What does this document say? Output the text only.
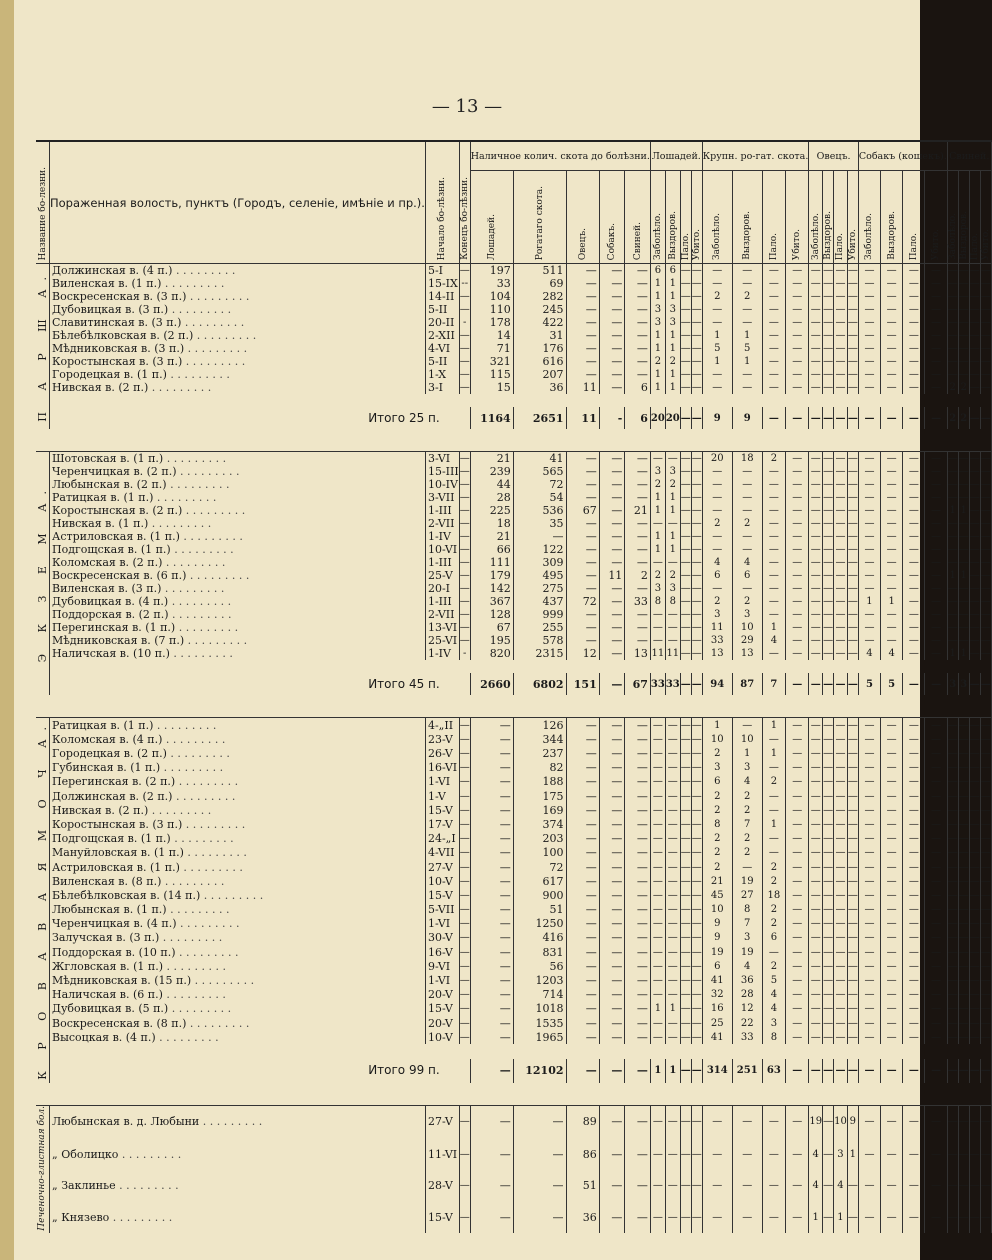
— 13 —
Название бо-лезни.	Пораженная волость, пунктъ (Городъ, селеніе, имѣніе и пр.).	Начало бо-лѣзни.	Конецъ бо-лѣзни.	Наличное колич. скота до болѣзни.					Лошадей.				Крупн. ро-гат. скота.				Овецъ.				Собакъ (кошекъ).				Свиней.			
				Лошадей.	Рогатаго скота.	Овецъ.	Собакъ.	Свиней.	Заболѣло.	Выздоров.	Пало.	Убито.	Заболѣло.	Выздоров.	Пало.	Убито.	Заболѣло.	Выздоров.	Пало.	Убито.	Заболѣло.	Выздоров.	Пало.	Убито.	Заболѣло.	Выздоров.	Пало.	Убито.
П А Р Ш А.	Должинская в. (4 п.) . . . . . . . . .	5-I	—	197	511	—	—	—	6	6	—	—	—	—	—	—	—	—	—	—	—	—	—	—	—	—	—	—
	Виленская в. (1 п.) . . . . . . . . .	15-IX	--	33	69	—	—	—	1	1	—	—	—	—	—	—	—	—	—	—	—	—	—	—	—	—	—	—
	Воскресенская в. (3 п.) . . . . . . . . .	14-II	—	104	282	—	—	—	1	1	—	—	2	2	—	—	—	—	—	—	—	—	—	—	—	—	—	—
	Дубовицкая в. (3 п.) . . . . . . . . .	5-II	—	110	245	—	—	—	3	3	—	—	—	—	—	—	—	—	—	—	—	—	—	—	—	—	—	—
	Славитинская в. (3 п.) . . . . . . . . .	20-II	-	178	422	—	—	—	3	3	—	—	—	—	—	—	—	—	—	—	—	—	—	—	—	—	—	—
	Бѣлебѣлковская в. (2 п.) . . . . . . . . .	2-XII	—	14	31	—	—	—	1	1	—	—	1	1	—	—	—	—	—	—	—	—	—	—	—	—	—	—
	Мѣдниковская в. (3 п.) . . . . . . . . .	4-VI	—	71	176	—	—	—	1	1	—	—	5	5	—	—	—	—	—	—	—	—	—	—	—	—	—	—
	Коростынская в. (3 п.) . . . . . . . . .	5-II	—	321	616	—	—	—	2	2	—	—	1	1	—	—	—	—	—	—	—	—	—	—	—	—	—	—
	Городецкая в. (1 п.) . . . . . . . . .	1-X	—	115	207	—	—	—	1	1	—	—	—	—	—	—	—	—	—	—	—	—	—	—	—	—	—	—
	Нивская в. (2 п.) . . . . . . . . .	3-I	—	15	36	11	—	6	1	1	—	—	—	—	—	—	—	—	—	—	—	—	—	—	2	2	—	—

	Итого 25 п.			1164	2651	11	-	6	20	20	—	—	9	9	—	—	—	—	—	—	—	—	—	—	2	2	—	—

Э К З Е М А.	Шотовская в. (1 п.) . . . . . . . . .	3-VI	—	21	41	—	—	—	—	—	—	—	20	18	2	—	—	—	—	—	—	—	—	—	—	—	—	—
	Черенчицкая в. (2 п.) . . . . . . . . .	15-III	—	239	565	—	—	—	3	3	—	—	—	—	—	—	—	—	—	—	—	—	—	—	—	—	—	—
	Любынская в. (2 п.) . . . . . . . . .	10-IV	—	44	72	—	—	—	2	2	—	—	—	—	—	—	—	—	—	—	—	—	—	—	—	—	—	—
	Ратицкая в. (1 п.) . . . . . . . . .	3-VII	—	28	54	—	—	—	1	1	—	—	—	—	—	—	—	—	—	—	—	—	—	—	—	—	—	—
	Коростынская в. (2 п.) . . . . . . . . .	1-III	—	225	536	67	—	21	1	1	—	—	—	—	—	—	—	—	—	—	—	—	—	—	1	1	—	—
	Нивская в. (1 п.) . . . . . . . . .	2-VII	—	18	35	—	—	—	—	—	—	—	2	2	—	—	—	—	—	—	—	—	—	—	—	—	—	—
	Астриловская в. (1 п.) . . . . . . . . .	1-IV	—	21	—	—	—	—	1	1	—	—	—	—	—	—	—	—	—	—	—	—	—	—	—	—	—	—
	Подгощская в. (1 п.) . . . . . . . . .	10-VI	—	66	122	—	—	—	1	1	—	—	—	—	—	—	—	—	—	—	—	—	—	—	—	—	—	—
	Коломская в. (2 п.) . . . . . . . . .	1-III	—	111	309	—	—	—	—	—	—	—	4	4	—	—	—	—	—	—	—	—	—	—	—	—	—	—
	Воскресенская в. (6 п.) . . . . . . . . .	25-V	—	179	495	—	11	2	2	2	—	—	6	6	—	—	—	—	—	—	—	—	—	—	1	1	—	—
	Виленская в. (3 п.) . . . . . . . . .	20-I	—	142	275	—	—	—	3	3	—	—	—	—	—	—	—	—	—	—	—	—	—	—	—	—	—	—
	Дубовицкая в. (4 п.) . . . . . . . . .	1-III	—	367	437	72	—	33	8	8	—	—	2	2	—	—	—	—	—	—	1	1	—	—	—	—	—	—
	Поддорская в. (2 п.) . . . . . . . . .	2-VII	—	128	999	—	—	—	—	—	—	—	3	3	—	—	—	—	—	—	—	—	—	—	—	—	—	—
	Перегинская в. (1 п.) . . . . . . . . .	13-VI	—	67	255	—	—	—	—	—	—	—	11	10	1	—	—	—	—	—	—	—	—	—	—	—	—	—
	Мѣдниковская в. (7 п.) . . . . . . . . .	25-VI	—	195	578	—	—	—	—	—	—	—	33	29	4	—	—	—	—	—	—	—	—	—	—	—	—	—
	Наличская в. (10 п.) . . . . . . . . .	1-IV	-	820	2315	12	—	13	11	11	—	—	13	13	—	—	—	—	—	—	4	4	—	—	1	1	—	—

	Итого 45 п.			2660	6802	151	—	67	33	33	—	—	94	87	7	—	—	—	—	—	5	5	—	—	3	3	—	—

К Р О В А В А Я М О Ч А.	Ратицкая в. (1 п.) . . . . . . . . .	4-„II	—	—	126	—	—	—	—	—	—	—	1	—	1	—	—	—	—	—	—	—	—	—	—	—	—	—
	Коломская в. (4 п.) . . . . . . . . .	23-V	—	—	344	—	—	—	—	—	—	—	10	10	—	—	—	—	—	—	—	—	—	—	—	—	—	—
	Городецкая в. (2 п.) . . . . . . . . .	26-V	—	—	237	—	—	—	—	—	—	—	2	1	1	—	—	—	—	—	—	—	—	—	—	—	—	—
	Губинская в. (1 п.) . . . . . . . . .	16-VI	—	—	82	—	—	—	—	—	—	—	3	3	—	—	—	—	—	—	—	—	—	—	—	—	—	—
	Перегинская в. (2 п.) . . . . . . . . .	1-VI	—	—	188	—	—	—	—	—	—	—	6	4	2	—	—	—	—	—	—	—	—	—	—	—	—	—
	Должинская в. (2 п.) . . . . . . . . .	1-V	—	—	175	—	—	—	—	—	—	—	2	2	—	—	—	—	—	—	—	—	—	—	—	—	—	—
	Нивская в. (2 п.) . . . . . . . . .	15-V	—	—	169	—	—	—	—	—	—	—	2	2	—	—	—	—	—	—	—	—	—	—	—	—	—	—
	Коростынская в. (3 п.) . . . . . . . . .	17-V	—	—	374	—	—	—	—	—	—	—	8	7	1	—	—	—	—	—	—	—	—	—	—	—	—	—
	Подгощская в. (1 п.) . . . . . . . . .	24-„I	—	—	203	—	—	—	—	—	—	—	2	2	—	—	—	—	—	—	—	—	—	—	—	—	—	—
	Мануйловская в. (1 п.) . . . . . . . . .	4-VII	—	—	100	—	—	—	—	—	—	—	2	2	—	—	—	—	—	—	—	—	—	—	—	—	—	—
	Астриловская в. (1 п.) . . . . . . . . .	27-V	—	—	72	—	—	—	—	—	—	—	2	—	2	—	—	—	—	—	—	—	—	—	—	—	—	—
	Виленская в. (8 п.) . . . . . . . . .	10-V	—	—	617	—	—	—	—	—	—	—	21	19	2	—	—	—	—	—	—	—	—	—	—	—	—	—
	Бѣлебѣлковская в. (14 п.) . . . . . . . . .	15-V	—	—	900	—	—	—	—	—	—	—	45	27	18	—	—	—	—	—	—	—	—	—	—	—	—	—
	Любынская в. (1 п.) . . . . . . . . .	5-VII	—	—	51	—	—	—	—	—	—	—	10	8	2	—	—	—	—	—	—	—	—	—	—	—	—	—
	Черенчицкая в. (4 п.) . . . . . . . . .	1-VI	—	—	1250	—	—	—	—	—	—	—	9	7	2	—	—	—	—	—	—	—	—	—	—	—	—	—
	Залучская в. (3 п.) . . . . . . . . .	30-V	—	—	416	—	—	—	—	—	—	—	9	3	6	—	—	—	—	—	—	—	—	—	—	—	—	—
	Поддорская в. (10 п.) . . . . . . . . .	16-V	—	—	831	—	—	—	—	—	—	—	19	19	—	—	—	—	—	—	—	—	—	—	—	—	—	—
	Жгловская в. (1 п.) . . . . . . . . .	9-VI	—	—	56	—	—	—	—	—	—	—	6	4	2	—	—	—	—	—	—	—	—	—	—	—	—	—
	Мѣдниковская в. (15 п.) . . . . . . . . .	1-VI	—	—	1203	—	—	—	—	—	—	—	41	36	5	—	—	—	—	—	—	—	—	—	—	—	—	—
	Наличская в. (6 п.) . . . . . . . . .	20-V	—	—	714	—	—	—	—	—	—	—	32	28	4	—	—	—	—	—	—	—	—	—	—	—	—	—
	Дубовицкая в. (5 п.) . . . . . . . . .	15-V	—	—	1018	—	—	—	1	1	—	—	16	12	4	—	—	—	—	—	—	—	—	—	—	—	—	—
	Воскресенская в. (8 п.) . . . . . . . . .	20-V	—	—	1535	—	—	—	—	—	—	—	25	22	3	—	—	—	—	—	—	—	—	—	—	—	—	—
	Высоцкая в. (4 п.) . . . . . . . . .	10-V	—	—	1965	—	—	—	—	—	—	—	41	33	8	—	—	—	—	—	—	—	—	—	—	—	—	—

	Итого 99 п.			—	12102	—	—	—	1	1	—	—	314	251	63	—	—	—	—	—	—	—	—	—	—	—	—	—

Печеночно-глистная бол.	Любынская в. д. Любыни . . . . . . . . .	27-V	—	—	—	89	—	—	—	—	—	—	—	—	—	—	19	—	10	9	—	—	—	—	—	—	—	—
	„ Оболицко . . . . . . . . .	11-VI	—	—	—	86	—	—	—	—	—	—	—	—	—	—	4	—	3	1	—	—	—	—	—	—	—	—
	„ Заклинье . . . . . . . . .	28-V	—	—	—	51	—	—	—	—	—	—	—	—	—	—	4	—	4	—	—	—	—	—	—	—	—	—
	„ Князево . . . . . . . . .	15-V	—	—	—	36	—	—	—	—	—	—	—	—	—	—	1	—	1	—	—	—	—	—	—	—	—	—
